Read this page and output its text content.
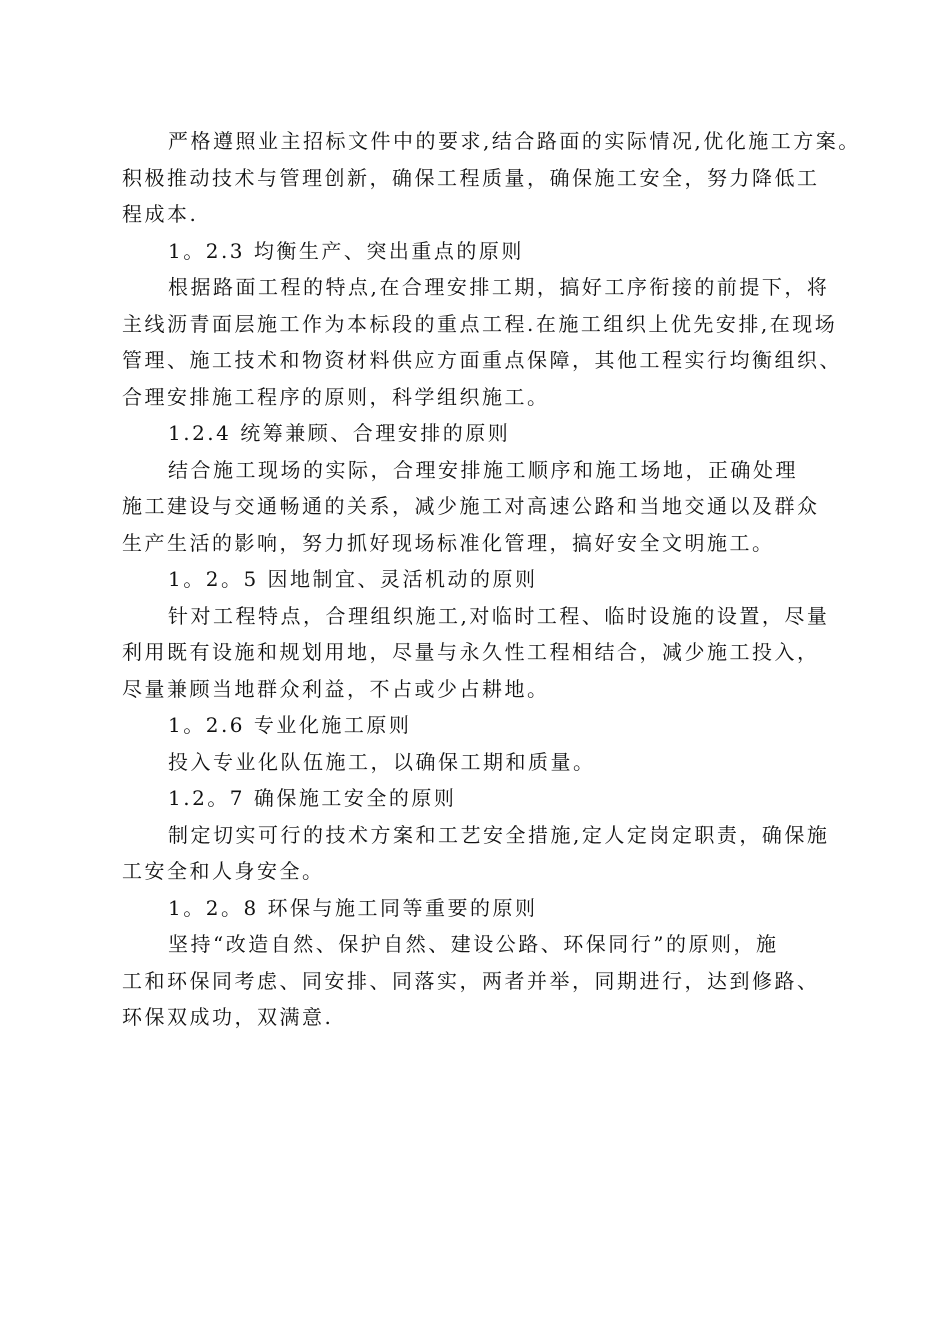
严格遵照业主招标文件中的要求,结合路面的实际情况,优化施工方案。
积极推动技术与管理创新，确保工程质量，确保施工安全，努力降低工
程成本.
1。2.3 均衡生产、突出重点的原则
根据路面工程的特点,在合理安排工期，搞好工序衔接的前提下，将
主线沥青面层施工作为本标段的重点工程.在施工组织上优先安排,在现场
管理、施工技术和物资材料供应方面重点保障，其他工程实行均衡组织、
合理安排施工程序的原则，科学组织施工。
1.2.4 统筹兼顾、合理安排的原则
结合施工现场的实际，合理安排施工顺序和施工场地，正确处理
施工建设与交通畅通的关系，减少施工对高速公路和当地交通以及群众
生产生活的影响，努力抓好现场标准化管理，搞好安全文明施工。
1。2。5 因地制宜、灵活机动的原则
针对工程特点，合理组织施工,对临时工程、临时设施的设置，尽量
利用既有设施和规划用地，尽量与永久性工程相结合，减少施工投入，
尽量兼顾当地群众利益，不占或少占耕地。
1。2.6 专业化施工原则
投入专业化队伍施工，以确保工期和质量。
1.2。7 确保施工安全的原则
制定切实可行的技术方案和工艺安全措施,定人定岗定职责，确保施
工安全和人身安全。
1。2。8 环保与施工同等重要的原则
坚持“改造自然、保护自然、建设公路、环保同行”的原则，施
工和环保同考虑、同安排、同落实，两者并举，同期进行，达到修路、
环保双成功，双满意.
